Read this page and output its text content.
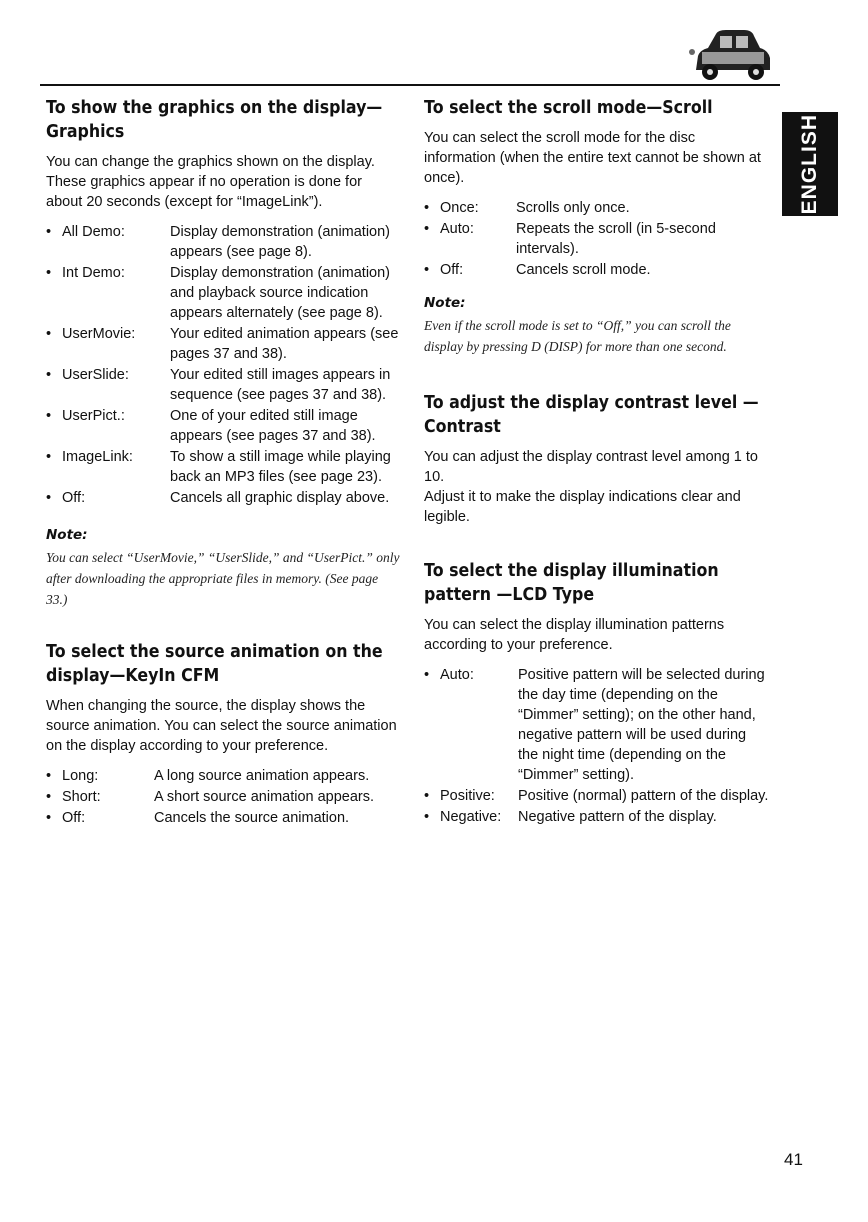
ENGLISH
To show the graphics on the display—Graphics

You can change the graphics shown on the display. These graphics appear if no operation is done for about 20 seconds (except for “ImageLink”).

• All Demo:	Display demonstration (animation) appears (see page 8).
• Int Demo:	Display demonstration (animation) and playback source indication appears alternately (see page 8).
• UserMovie:	Your edited animation appears (see pages 37 and 38).
• UserSlide:	Your edited still images appears in sequence (see pages 37 and 38).
• UserPict.:	One of your edited still image appears (see pages 37 and 38).
• ImageLink:	To show a still image while playing back an MP3 files (see page 23).
• Off:	Cancels all graphic display above.
Note:

You can select “UserMovie,” “UserSlide,” and “UserPict.” only after downloading the appropriate files in memory. (See page 33.)

To select the source animation on the display—KeyIn CFM

When changing the source, the display shows the source animation. You can select the source animation on the display according to your preference.

• Long:	A long source animation appears.
• Short:	A short source animation appears.
• Off:	Cancels the source animation.
To select the scroll mode—Scroll

You can select the scroll mode for the disc information (when the entire text cannot be shown at once).

• Once:	Scrolls only once.
• Auto:	Repeats the scroll (in 5-second intervals).
• Off:	Cancels scroll mode.
Note:

Even if the scroll mode is set to “Off,” you can scroll the display by pressing D (DISP) for more than one second.

To adjust the display contrast level —Contrast

You can adjust the display contrast level among 1 to 10.

Adjust it to make the display indications clear and legible.

To select the display illumination pattern —LCD Type

You can select the display illumination patterns according to your preference.

• Auto:	Positive pattern will be selected during the day time (depending on the “Dimmer” setting); on the other hand, negative pattern will be used during the night time (depending on the “Dimmer” setting).
• Positive:	Positive (normal) pattern of the display.
• Negative:	Negative pattern of the display.
41
